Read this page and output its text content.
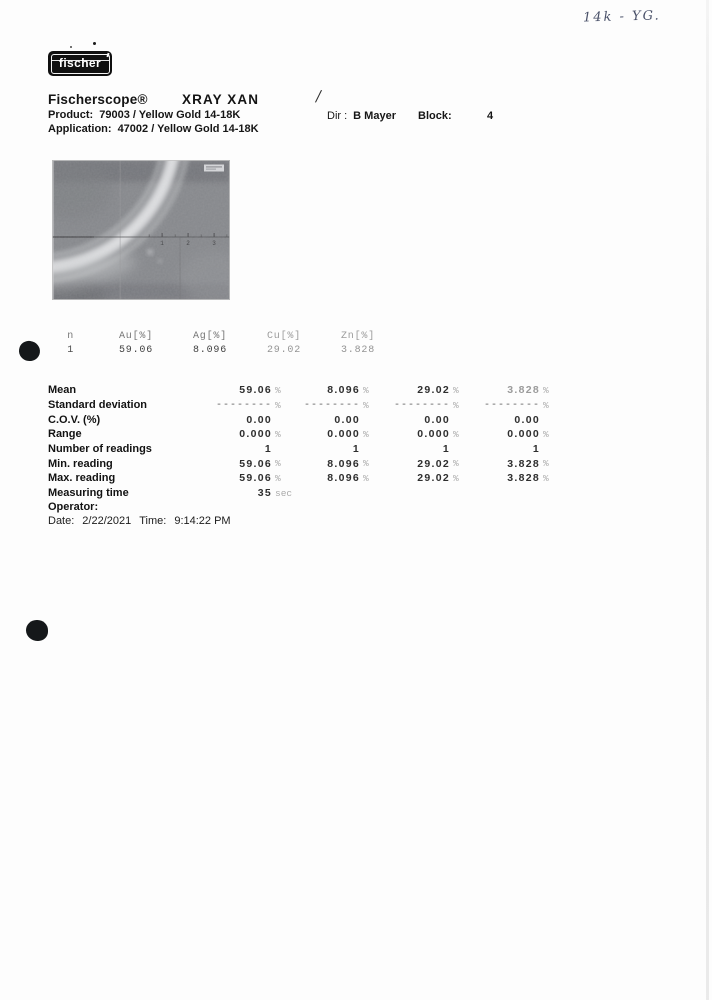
14k - YG.
fischer
Fischerscope®	XRAY XAN	/
Product: 79003 / Yellow Gold 14-18K	Dir : B Mayer Block:	4
Application: 47002 / Yellow Gold 14-18K
1	2	3
n	Au[%]	Ag[%]	Cu[%]	Zn[%]
1	59.06	8.096	29.02	3.828
Mean	59.06 %	8.096 %	29.02 %	3.828 %
Standard deviation	-------- %	-------- %	-------- %	-------- %
C.O.V. (%)	0.00	0.00	0.00	0.00
Range	0.000 %	0.000 %	0.000 %	0.000 %
Number of readings	1	1	1	1
Min. reading	59.06 %	8.096 %	29.02 %	3.828 %
Max. reading	59.06 %	8.096 %	29.02 %	3.828 %
Measuring time	35 sec
Operator:
Date: 2/22/2021 Time: 9:14:22 PM
